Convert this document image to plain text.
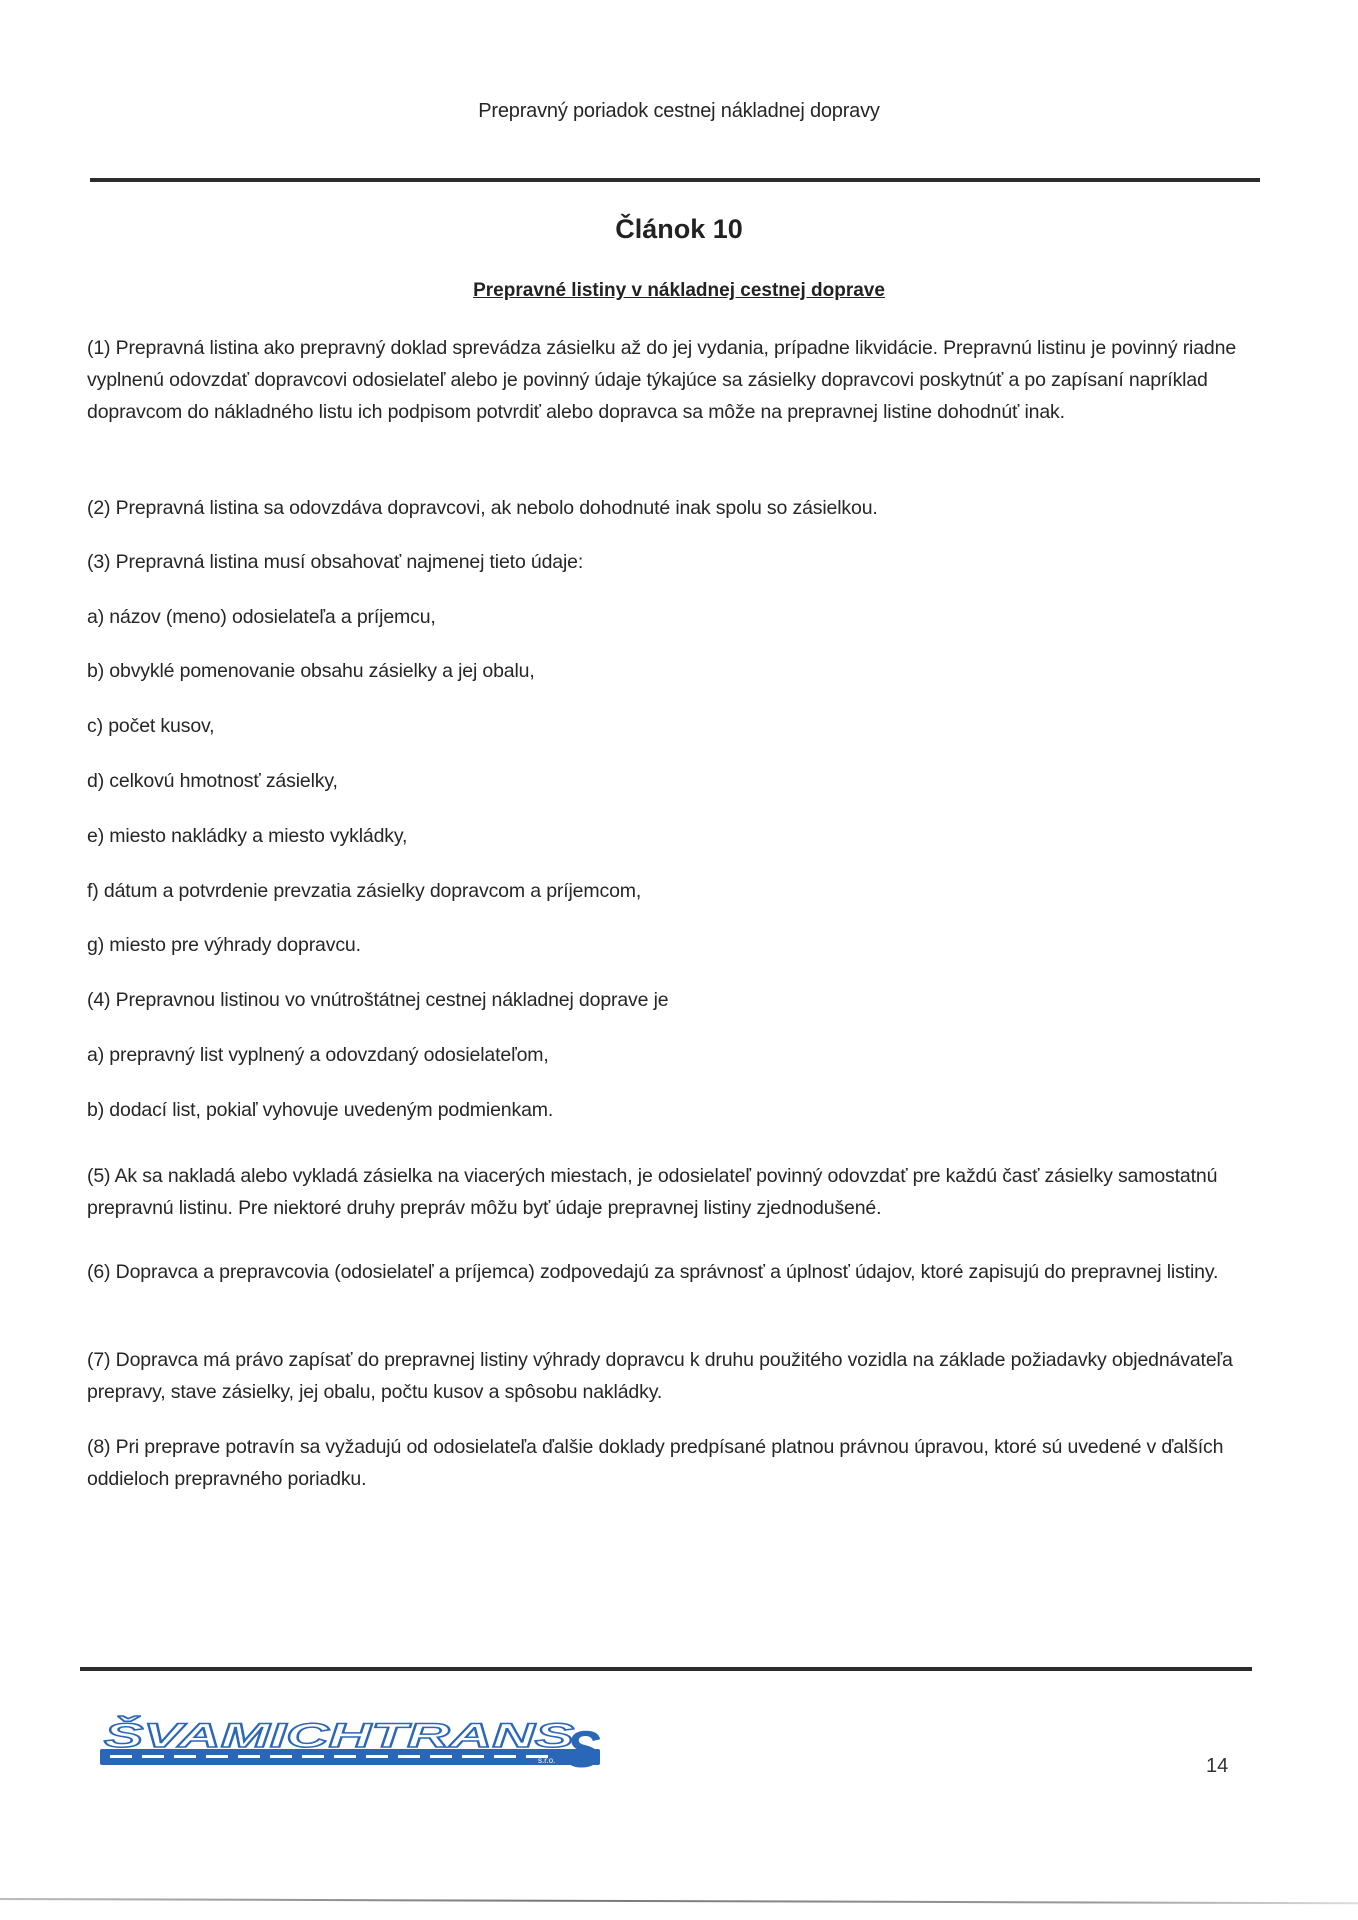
Prepravný poriadok cestnej nákladnej dopravy
Článok 10
Prepravné listiny v nákladnej cestnej doprave
(1) Prepravná listina ako prepravný doklad sprevádza zásielku až do jej vydania, prípadne likvidácie. Prepravnú listinu je povinný riadne vyplnenú odovzdať dopravcovi odosielateľ alebo je povinný údaje týkajúce sa zásielky dopravcovi poskytnúť a po zapísaní napríklad dopravcom do nákladného listu ich podpisom potvrdiť alebo dopravca sa môže na prepravnej listine dohodnúť inak.
(2) Prepravná listina sa odovzdáva dopravcovi, ak nebolo dohodnuté inak spolu so zásielkou.
(3) Prepravná listina musí obsahovať najmenej tieto údaje:
a) názov (meno) odosielateľa a príjemcu,
b) obvyklé pomenovanie obsahu zásielky a jej obalu,
c) počet kusov,
d) celkovú hmotnosť zásielky,
e) miesto nakládky a miesto vykládky,
f) dátum a potvrdenie prevzatia zásielky dopravcom a príjemcom,
g) miesto pre výhrady dopravcu.
(4) Prepravnou listinou vo vnútroštátnej cestnej nákladnej doprave je
a) prepravný list vyplnený a odovzdaný odosielateľom,
b) dodací list, pokiaľ vyhovuje uvedeným podmienkam.
(5) Ak sa nakladá alebo vykladá zásielka na viacerých miestach, je odosielateľ povinný odovzdať pre každú časť zásielky samostatnú prepravnú listinu. Pre niektoré druhy prepráv môžu byť údaje prepravnej listiny zjednodušené.
(6) Dopravca a prepravcovia (odosielateľ a príjemca) zodpovedajú za správnosť a úplnosť údajov, ktoré zapisujú do prepravnej listiny.
(7) Dopravca má právo zapísať do prepravnej listiny výhrady dopravcu k druhu použitého vozidla na základe požiadavky objednávateľa prepravy, stave zásielky, jej obalu, počtu kusov a spôsobu nakládky.
(8) Pri preprave potravín sa vyžadujú od odosielateľa ďalšie doklady predpísané platnou právnou úpravou, ktoré sú uvedené v ďalších oddieloch prepravného poriadku.
ŠVAMICHTRANS	S
s.r.o.	14
